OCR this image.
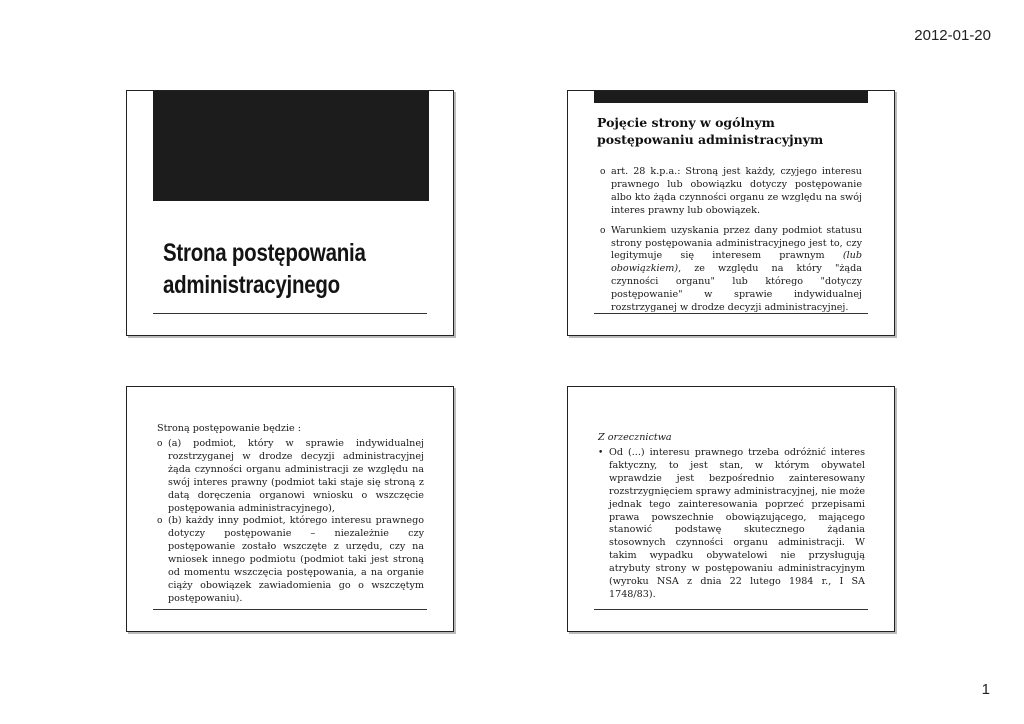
2012-01-20
Strona postępowania
administracyjnego
Pojęcie strony w ogólnym postępowaniu administracyjnym
o art. 28 k.p.a.: Stroną jest każdy, czyjego interesu prawnego lub obowiązku dotyczy postępowanie albo kto żąda czynności organu ze względu na swój interes prawny lub obowiązek.
o Warunkiem uzyskania przez dany podmiot statusu strony postępowania administracyjnego jest to, czy legitymuje się interesem prawnym (lub obowiązkiem), ze względu na który "żąda czynności organu" lub którego "dotyczy postępowanie" w sprawie indywidualnej rozstrzyganej w drodze decyzji administracyjnej.

Stroną postępowanie będzie :

o (a) podmiot, który w sprawie indywidualnej rozstrzyganej w drodze decyzji administracyjnej żąda czynności organu administracji ze względu na swój interes prawny (podmiot taki staje się stroną z datą doręczenia organowi wniosku o wszczęcie postępowania administracyjnego),
o (b) każdy inny podmiot, którego interesu prawnego dotyczy postępowanie – niezależnie czy postępowanie zostało wszczęte z urzędu, czy na wniosek innego podmiotu (podmiot taki jest stroną od momentu wszczęcia postępowania, a na organie ciąży obowiązek zawiadomienia go o wszczętym postępowaniu).

Z orzecznictwa

• Od (...) interesu prawnego trzeba odróżnić interes faktyczny, to jest stan, w którym obywatel wprawdzie jest bezpośrednio zainteresowany rozstrzygnięciem sprawy administracyjnej, nie może jednak tego zainteresowania poprzeć przepisami prawa powszechnie obowiązującego, mającego stanowić podstawę skutecznego żądania stosownych czynności organu administracji. W takim wypadku obywatelowi nie przysługują atrybuty strony w postępowaniu administracyjnym (wyroku NSA z dnia 22 lutego 1984 r., I SA 1748/83).
1
